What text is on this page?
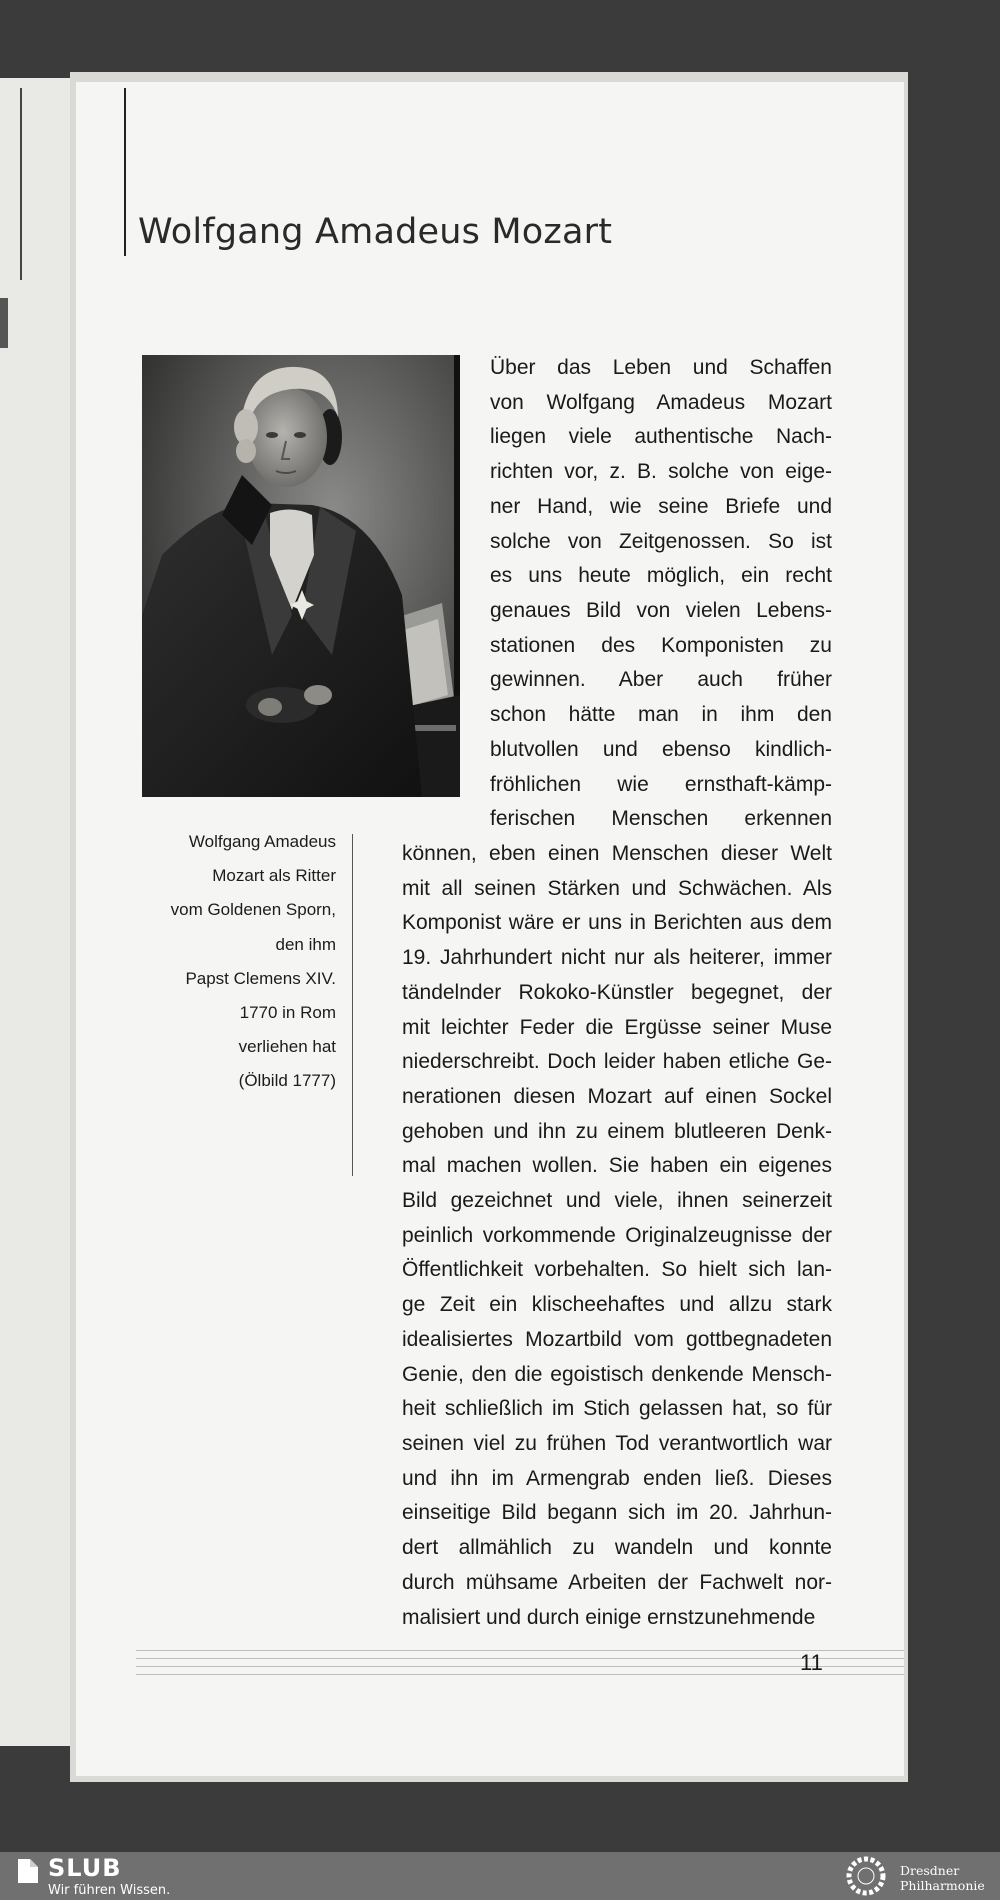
Wolfgang Amadeus Mozart
Wolfgang Amadeus
Mozart als Ritter
vom Goldenen Sporn,
den ihm
Papst Clemens XIV.
1770 in Rom
verliehen hat
(Ölbild 1777)
Über das Leben und Schaffen
von Wolfgang Amadeus Mozart
liegen viele authentische Nach-
richten vor, z. B. solche von eige-
ner Hand, wie seine Briefe und
solche von Zeitgenossen. So ist
es uns heute möglich, ein recht
genaues Bild von vielen Lebens-
stationen des Komponisten zu
gewinnen. Aber auch früher
schon hätte man in ihm den
blutvollen und ebenso kindlich-
fröhlichen wie ernsthaft-kämp-
ferischen Menschen erkennen
können, eben einen Menschen dieser Welt
mit all seinen Stärken und Schwächen. Als
Komponist wäre er uns in Berichten aus dem
19. Jahrhundert nicht nur als heiterer, immer
tändelnder Rokoko-Künstler begegnet, der
mit leichter Feder die Ergüsse seiner Muse
niederschreibt. Doch leider haben etliche Ge-
nerationen diesen Mozart auf einen Sockel
gehoben und ihn zu einem blutleeren Denk-
mal machen wollen. Sie haben ein eigenes
Bild gezeichnet und viele, ihnen seinerzeit
peinlich vorkommende Originalzeugnisse der
Öffentlichkeit vorbehalten. So hielt sich lan-
ge Zeit ein klischeehaftes und allzu stark
idealisiertes Mozartbild vom gottbegnadeten
Genie, den die egoistisch denkende Mensch-
heit schließlich im Stich gelassen hat, so für
seinen viel zu frühen Tod verantwortlich war
und ihn im Armengrab enden ließ. Dieses
einseitige Bild begann sich im 20. Jahrhun-
dert allmählich zu wandeln und konnte
durch mühsame Arbeiten der Fachwelt nor-
malisiert und durch einige ernstzunehmende
11
SLUB
Wir führen Wissen.
Dresdner
Philharmonie
